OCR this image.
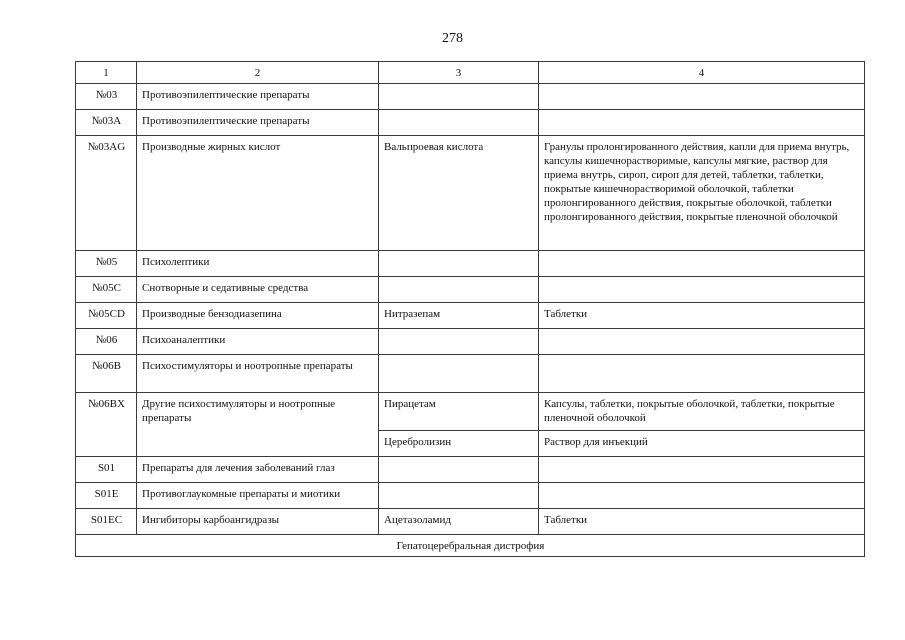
278
1	2	3	4
№03	Противоэпилептические препараты		
№03A	Противоэпилептические препараты		
№03AG	Производные жирных кислот	Вальпроевая кислота	Гранулы пролонгированного действия, капли для приема внутрь, капсулы кишечнорастворимые, капсулы мягкие, раствор для приема внутрь, сироп, сироп для детей, таблетки, таблетки, покрытые кишечнорастворимой оболочкой, таблетки пролонгированного действия, покрытые оболочкой, таблетки пролонгированного действия, покрытые пленочной оболочкой
№05	Психолептики		
№05C	Снотворные и седативные средства		
№05CD	Производные бензодиазепина	Нитразепам	Таблетки
№06	Психоаналептики		
№06B	Психостимуляторы и ноотропные препараты		
№06BX	Другие психостимуляторы и ноотропные препараты	Пирацетам	Капсулы, таблетки, покрытые оболочкой, таблетки, покрытые пленочной оболочкой
		Церебролизин	Раствор для инъекций
S01	Препараты для лечения заболеваний глаз		
S01E	Противоглаукомные препараты и миотики		
S01EC	Ингибиторы карбоангидразы	Ацетазоламид	Таблетки
Гепатоцеребральная дистрофия			
